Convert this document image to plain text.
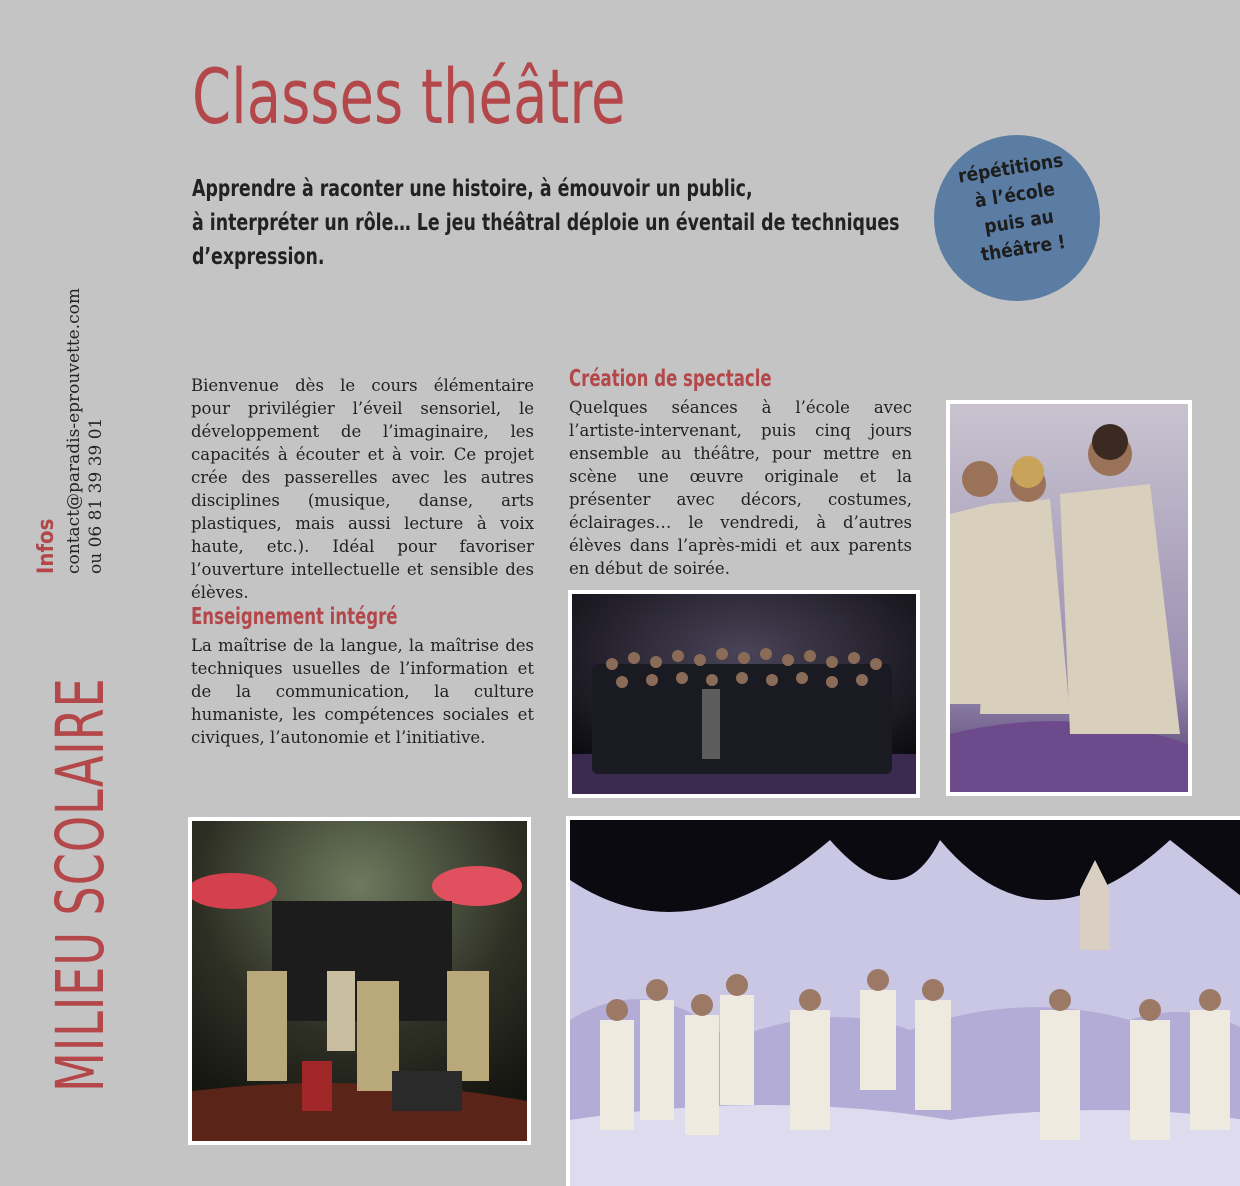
MILIEU SCOLAIRE
Infos contact@paradis-eprouvette.com ou 06 81 39 39 01
Classes théâtre
Apprendre à raconter une histoire, à émouvoir un public,
à interpréter un rôle… Le jeu théâtral déploie un éventail de techniques
d’expression.
répétitions
à l’école
puis au
théâtre !
Bienvenue dès le cours élémentaire pour privilégier l’éveil sensoriel, le développement de l’imaginaire, les capacités à écouter et à voir. Ce projet crée des passerelles avec les autres disciplines (musique, danse, arts plastiques, mais aussi lecture à voix haute, etc.). Idéal pour favoriser l’ouverture intellectuelle et sensible des élèves.
Enseignement intégré
La maîtrise de la langue, la maîtrise des techniques usuelles de l’information et de la communication, la culture humaniste, les compétences sociales et civiques, l’autonomie et l’initiative.
Création de spectacle
Quelques séances à l’école avec l’artiste-intervenant, puis cinq jours ensemble au théâtre, pour mettre en scène une œuvre originale et la présenter avec décors, costumes, éclairages… le vendredi, à d’autres élèves dans l’après-midi et aux parents en début de soirée.
